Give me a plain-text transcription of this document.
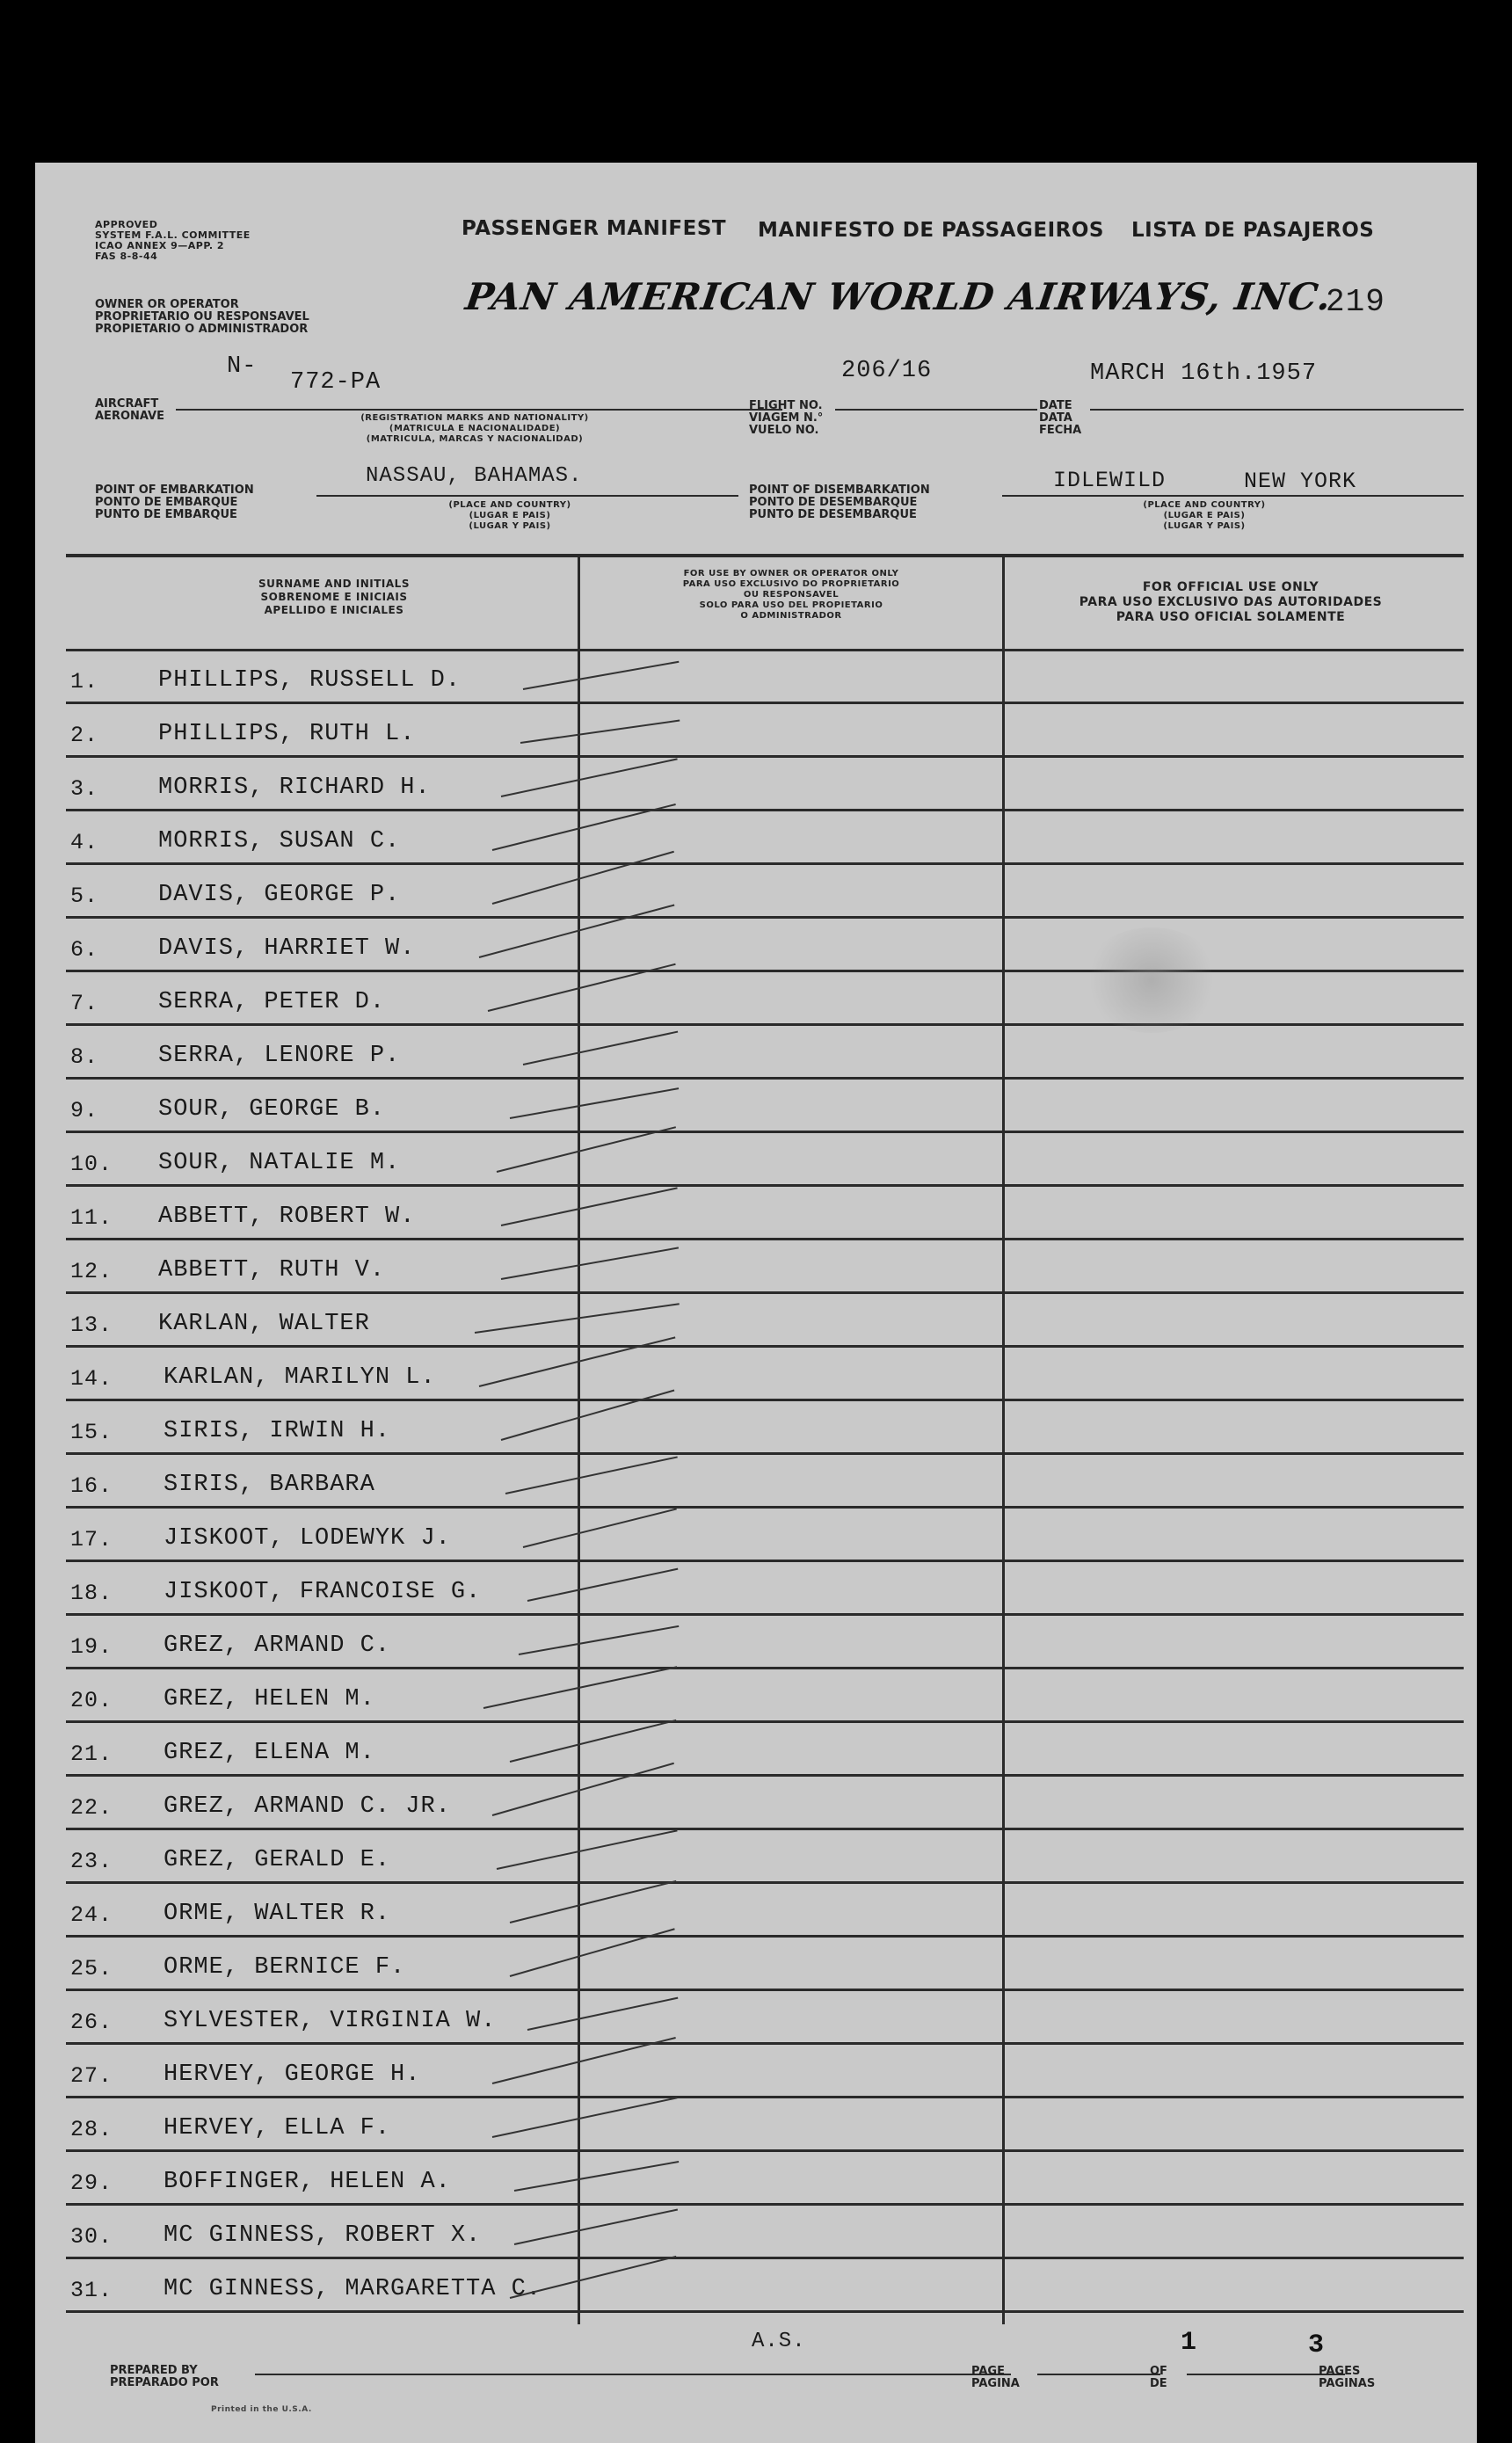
APPROVED
SYSTEM F.A.L. COMMITTEE
ICAO ANNEX 9—APP. 2
FAS 8-8-44
PASSENGER MANIFEST MANIFESTO DE PASSAGEIROS LISTA DE PASAJEROS
OWNER OR OPERATOR
PROPRIETARIO OU RESPONSAVEL
PROPIETARIO O ADMINISTRADOR
PAN AMERICAN WORLD AIRWAYS, INC.
219
N-
772-PA	206/16	MARCH 16th.1957
AIRCRAFT
AERONAVE	(REGISTRATION MARKS AND NATIONALITY)
(MATRICULA E NACIONALIDADE)
(MATRICULA, MARCAS Y NACIONALIDAD)
FLIGHT NO.
VIAGEM N.°
VUELO NO.
DATE
DATA
FECHA
NASSAU, BAHAMAS.	IDLEWILD	NEW YORK
POINT OF EMBARKATION
PONTO DE EMBARQUE
PUNTO DE EMBARQUE
(PLACE AND COUNTRY)
(LUGAR E PAIS)
(LUGAR Y PAIS)
POINT OF DISEMBARKATION
PONTO DE DESEMBARQUE
PUNTO DE DESEMBARQUE
(PLACE AND COUNTRY)
(LUGAR E PAIS)
(LUGAR Y PAIS)
SURNAME AND INITIALS
SOBRENOME E INICIAIS
APELLIDO E INICIALES
FOR USE BY OWNER OR OPERATOR ONLY
PARA USO EXCLUSIVO DO PROPRIETARIO
OU RESPONSAVEL
SOLO PARA USO DEL PROPIETARIO
O ADMINISTRADOR
FOR OFFICIAL USE ONLY
PARA USO EXCLUSIVO DAS AUTORIDADES
PARA USO OFICIAL SOLAMENTE
1.	PHILLIPS, RUSSELL D.
2.	PHILLIPS, RUTH L.
3.	MORRIS, RICHARD H.
4.	MORRIS, SUSAN C.
5.	DAVIS, GEORGE P.
6.	DAVIS, HARRIET W.
7.	SERRA, PETER D.
8.	SERRA, LENORE P.
9.	SOUR, GEORGE B.
10.	SOUR, NATALIE M.
11.	ABBETT, ROBERT W.
12.	ABBETT, RUTH V.
13.	KARLAN, WALTER
14.	KARLAN, MARILYN L.
15.	SIRIS, IRWIN H.
16.	SIRIS, BARBARA
17.	JISKOOT, LODEWYK J.
18.	JISKOOT, FRANCOISE G.
19.	GREZ, ARMAND C.
20.	GREZ, HELEN M.
21.	GREZ, ELENA M.
22.	GREZ, ARMAND C. JR.
23.	GREZ, GERALD E.
24.	ORME, WALTER R.
25.	ORME, BERNICE F.
26.	SYLVESTER, VIRGINIA W.
27.	HERVEY, GEORGE H.
28.	HERVEY, ELLA F.
29.	BOFFINGER, HELEN A.
30.	MC GINNESS, ROBERT X.
31.	MC GINNESS, MARGARETTA C.
A.S.	1	3
PREPARED BY
PREPARADO POR
PAGE
PAGINA
OF
DE
PAGES
PAGINAS
Printed in the U.S.A.
